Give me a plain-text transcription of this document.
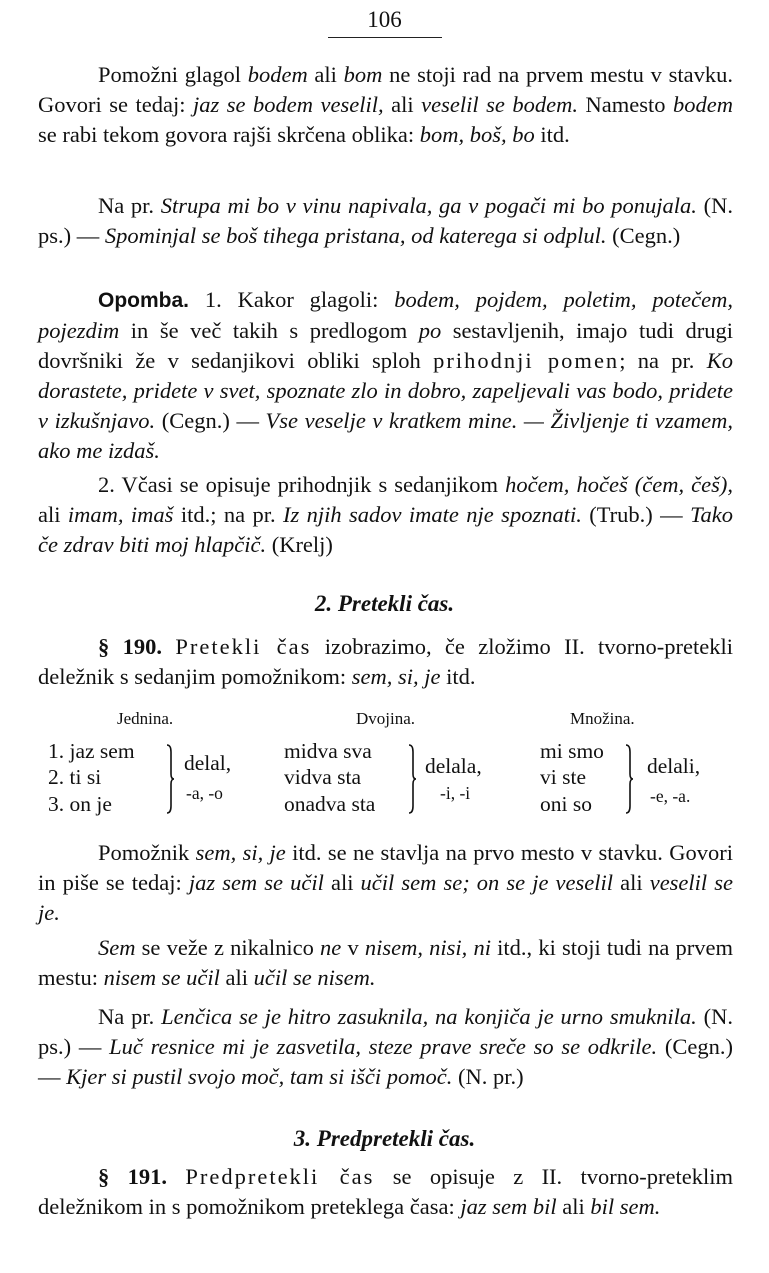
106

Pomožni glagol bodem ali bom ne stoji rad na prvem mestu v stavku. Govori se tedaj: jaz se bodem veselil, ali veselil se bodem. Namesto bodem se rabi tekom govora rajši skrčena oblika: bom, boš, bo itd.

Na pr. Strupa mi bo v vinu napivala, ga v pogači mi bo ponujala. (N. ps.) — Spominjal se boš tihega pristana, od katerega si odplul. (Cegn.)

Opomba. 1. Kakor glagoli: bodem, pojdem, poletim, potečem, pojezdim in še več takih s predlogom po sestavljenih, imajo tudi drugi dovršniki že v sedanjikovi obliki sploh prihodnji pomen; na pr. Ko dorastete, pridete v svet, spoznate zlo in dobro, zapeljevali vas bodo, pridete v izkušnjavo. (Cegn.) — Vse veselje v kratkem mine. — Življenje ti vzamem, ako me izdaš.

2. Včasi se opisuje prihodnjik s sedanjikom hočem, hočeš (čem, češ), ali imam, imaš itd.; na pr. Iz njih sadov imate nje spoznati. (Trub.) — Tako če zdrav biti moj hlapčič. (Krelj)

2. Pretekli čas.

§ 190. Pretekli čas izobrazimo, če zložimo II. tvorno-pretekli deležnik s sedanjim pomožnikom: sem, si, je itd.

Jednina.	Dvojina.	Množina.
1. jaz sem
2. ti si
3. on je
delal,
-a, -o
midva sva
vidva sta
onadva sta
delala,
-i, -i
mi smo
vi ste
oni so
delali,
-e, -a.

Pomožnik sem, si, je itd. se ne stavlja na prvo mesto v stavku. Govori in piše se tedaj: jaz sem se učil ali učil sem se; on se je veselil ali veselil se je.

Sem se veže z nikalnico ne v nisem, nisi, ni itd., ki stoji tudi na prvem mestu: nisem se učil ali učil se nisem.

Na pr. Lenčica se je hitro zasuknila, na konjiča je urno smuknila. (N. ps.) — Luč resnice mi je zasvetila, steze prave sreče so se odkrile. (Cegn.) — Kjer si pustil svojo moč, tam si išči pomoč. (N. pr.)

3. Predpretekli čas.

§ 191. Predpretekli čas se opisuje z II. tvorno-preteklim deležnikom in s pomožnikom preteklega časa: jaz sem bil ali bil sem.
